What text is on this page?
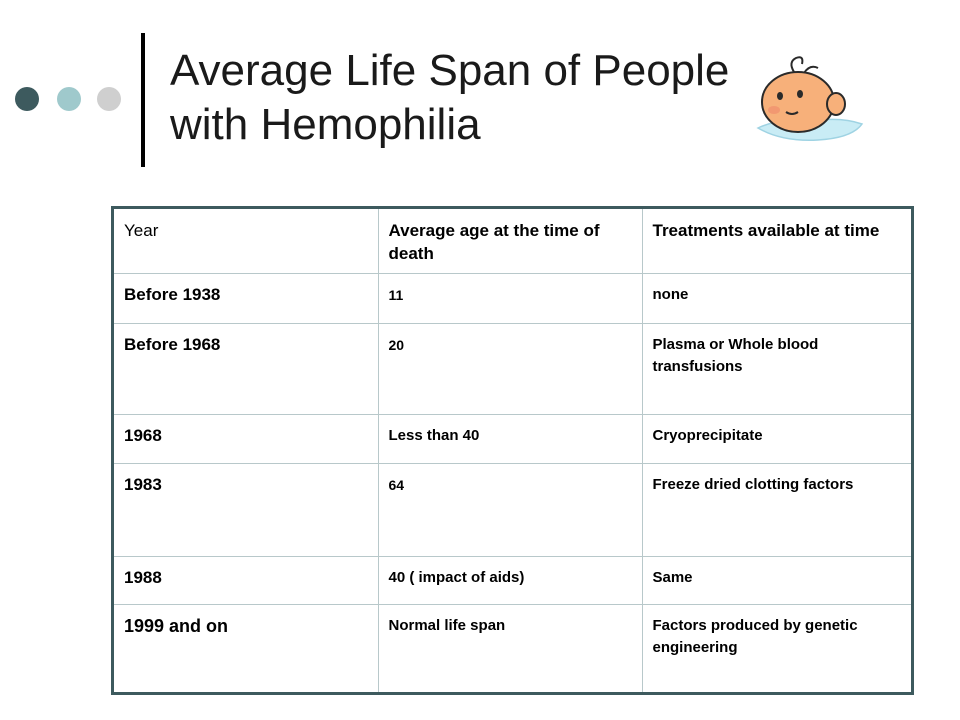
Average Life Span of People with Hemophilia
Year	Average age at the time of death	Treatments available at time
Before 1938	11	none
Before 1968	20	Plasma or Whole blood transfusions
1968	Less than 40	Cryoprecipitate
1983	64	Freeze dried clotting factors
1988	40 ( impact of aids)	Same
1999 and on	Normal life span	Factors produced by genetic engineering
